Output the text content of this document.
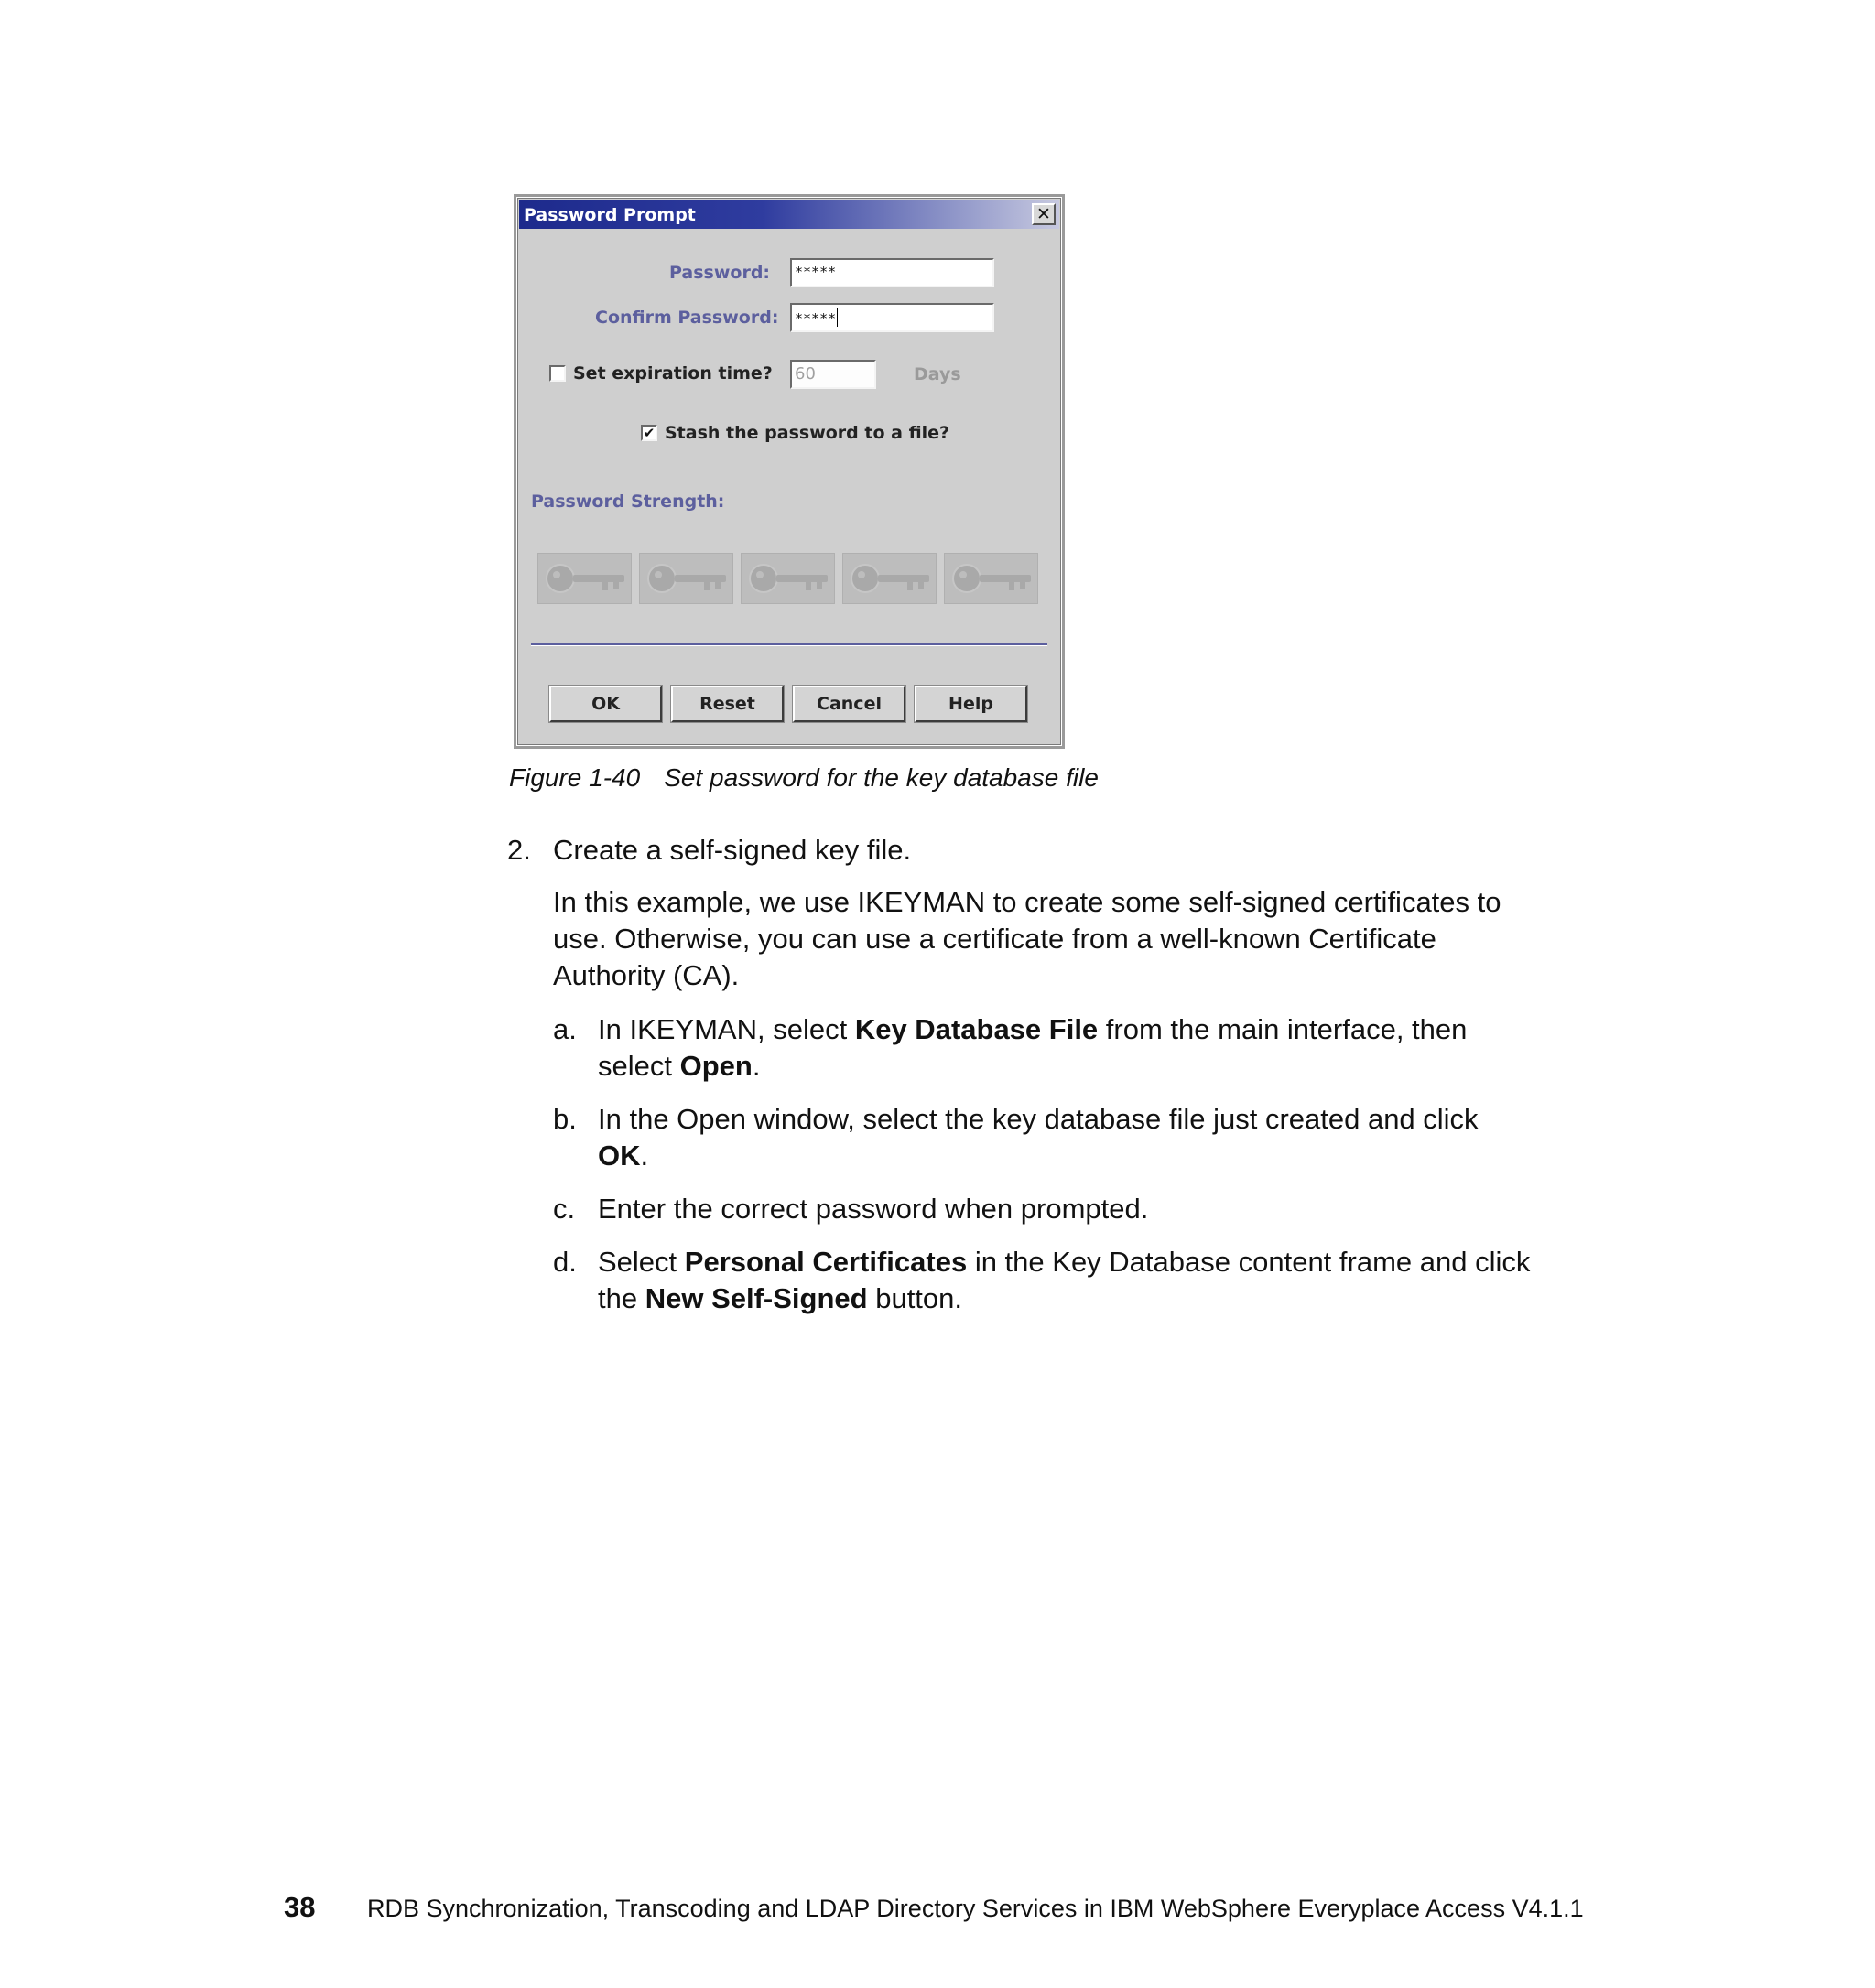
Password Prompt	✕
Password:	*****
Confirm Password:	*****
Set expiration time? 60	Days
✔ Stash the password to a file?
Password Strength:
OK	Reset	Cancel	Help
Figure 1-40 Set password for the key database file
2. Create a self-signed key file.

In this example, we use IKEYMAN to create some self-signed certificates to

use. Otherwise, you can use a certificate from a well-known Certificate

Authority (CA).

a. In IKEYMAN, select Key Database File from the main interface, then

select Open.

b. In the Open window, select the key database file just created and click

OK.

c. Enter the correct password when prompted.

d. Select Personal Certificates in the Key Database content frame and click

the New Self-Signed button.

38 RDB Synchronization, Transcoding and LDAP Directory Services in IBM WebSphere Everyplace Access V4.1.1
